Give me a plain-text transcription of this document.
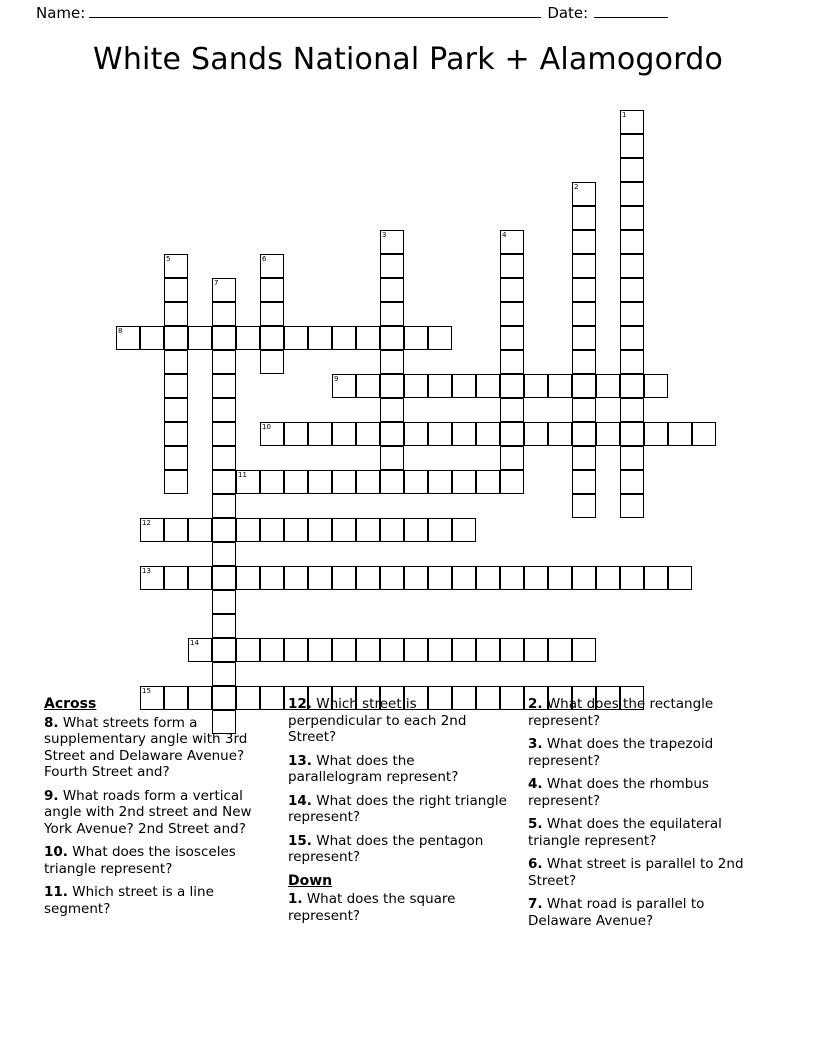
Name:	Date:
White Sands National Park + Alamogordo
1
2
3	4
5	6
7
8
9
10
11
12
13
14
15
Across
8. What streets form a supplementary angle with 3rd Street and Delaware Avenue? Fourth Street and?
9. What roads form a vertical angle with 2nd street and New York Avenue? 2nd Street and?
10. What does the isosceles triangle represent?
11. Which street is a line segment?
12. Which street is perpendicular to each 2nd Street?
13. What does the parallelogram represent?
14. What does the right triangle represent?
15. What does the pentagon represent?
Down
1. What does the square represent?
2. What does the rectangle represent?
3. What does the trapezoid represent?
4. What does the rhombus represent?
5. What does the equilateral triangle represent?
6. What street is parallel to 2nd Street?
7. What road is parallel to Delaware Avenue?
